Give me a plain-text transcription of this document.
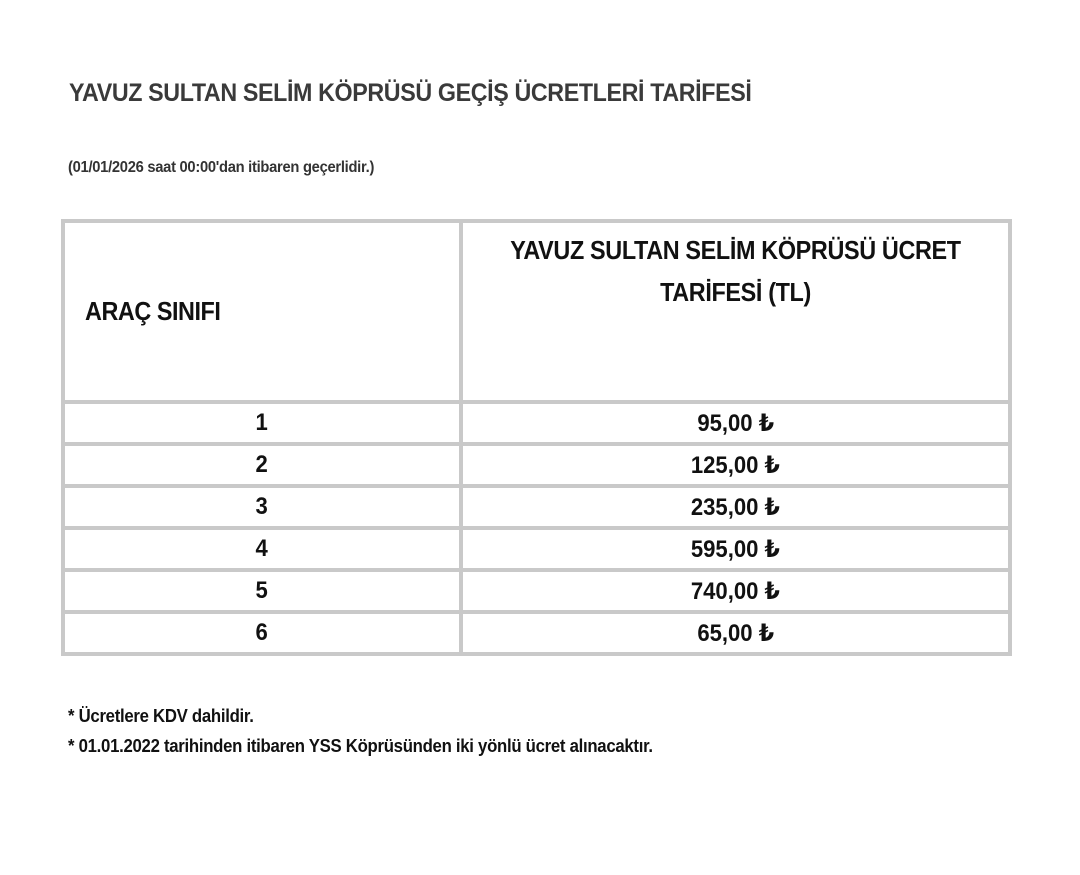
YAVUZ SULTAN SELİM KÖPRÜSÜ GEÇİŞ ÜCRETLERİ TARİFESİ
(01/01/2026 saat 00:00'dan itibaren geçerlidir.)
ARAÇ SINIFI	YAVUZ SULTAN SELİM KÖPRÜSÜ ÜCRET TARİFESİ (TL)
1	95,00 ₺
2	125,00 ₺
3	235,00 ₺
4	595,00 ₺
5	740,00 ₺
6	65,00 ₺
* Ücretlere KDV dahildir.
* 01.01.2022 tarihinden itibaren YSS Köprüsünden iki yönlü ücret alınacaktır.
